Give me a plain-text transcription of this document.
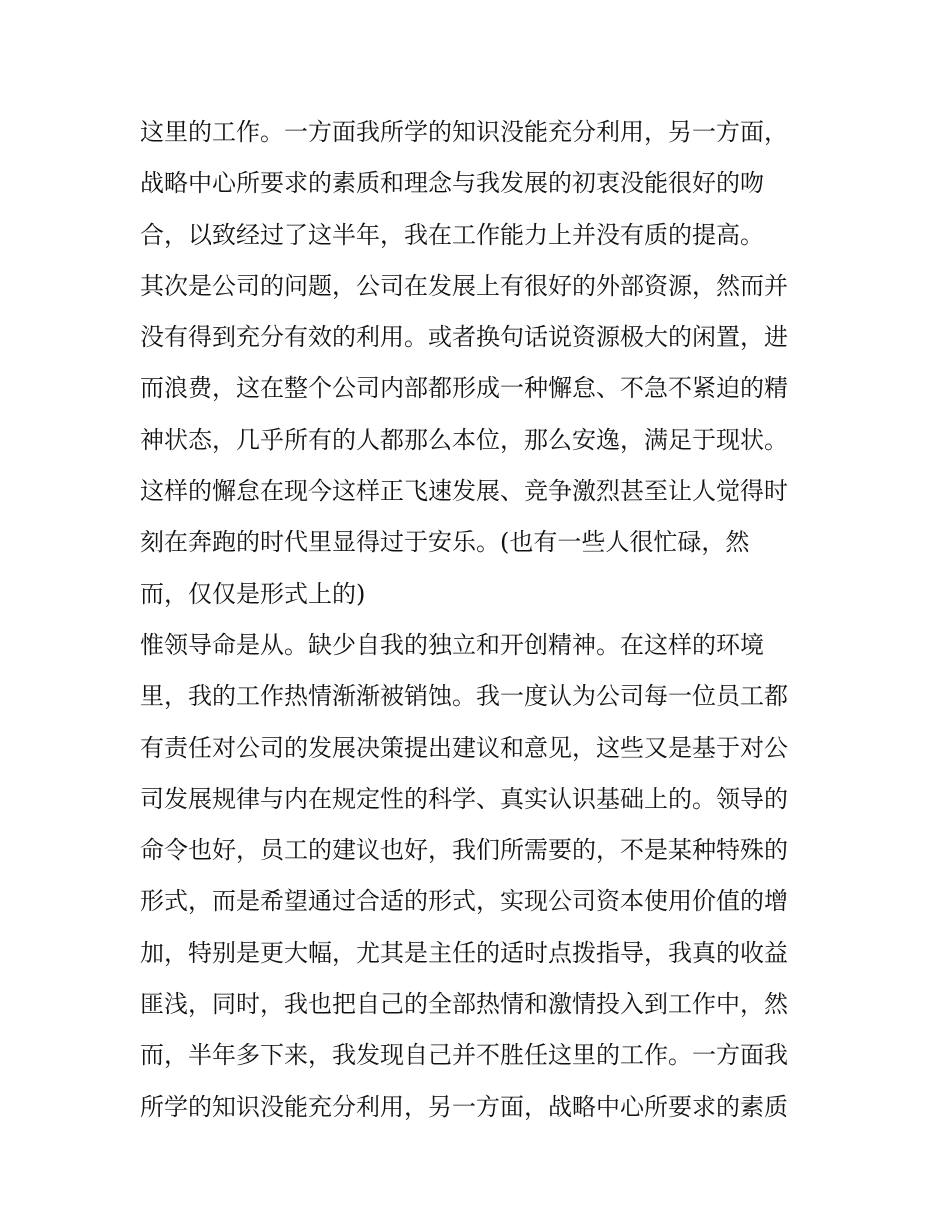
这里的工作。一方面我所学的知识没能充分利用，另一方面，
战略中心所要求的素质和理念与我发展的初衷没能很好的吻
合，以致经过了这半年，我在工作能力上并没有质的提高。
其次是公司的问题，公司在发展上有很好的外部资源，然而并
没有得到充分有效的利用。或者换句话说资源极大的闲置，进
而浪费，这在整个公司内部都形成一种懈怠、不急不紧迫的精
神状态，几乎所有的人都那么本位，那么安逸，满足于现状。
这样的懈怠在现今这样正飞速发展、竞争激烈甚至让人觉得时
刻在奔跑的时代里显得过于安乐。(也有一些人很忙碌，然
而，仅仅是形式上的)
惟领导命是从。缺少自我的独立和开创精神。在这样的环境
里，我的工作热情渐渐被销蚀。我一度认为公司每一位员工都
有责任对公司的发展决策提出建议和意见，这些又是基于对公
司发展规律与内在规定性的科学、真实认识基础上的。领导的
命令也好，员工的建议也好，我们所需要的，不是某种特殊的
形式，而是希望通过合适的形式，实现公司资本使用价值的增
加，特别是更大幅，尤其是主任的适时点拨指导，我真的收益
匪浅，同时，我也把自己的全部热情和激情投入到工作中，然
而，半年多下来，我发现自己并不胜任这里的工作。一方面我
所学的知识没能充分利用，另一方面，战略中心所要求的素质
